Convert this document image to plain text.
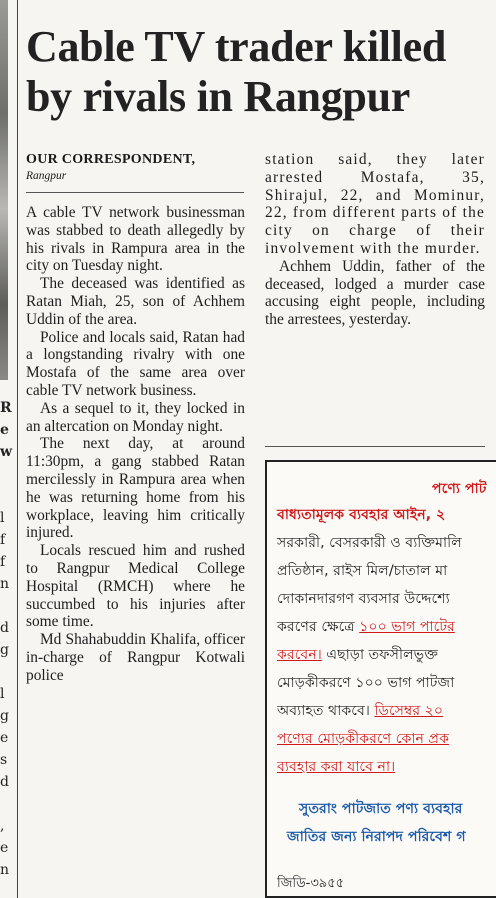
R
e
w
l
f
f
n
d
g
l
g
e
s
d
,
e
n
Cable TV trader killed by rivals in Rangpur
OUR CORRESPONDENT,
Rangpur

A cable TV network businessman was stabbed to death allegedly by his rivals in Rampura area in the city on Tuesday night.

The deceased was identified as Ratan Miah, 25, son of Achhem Uddin of the area.

Police and locals said, Ratan had a longstanding rivalry with one Mostafa of the same area over cable TV network business.

As a sequel to it, they locked in an altercation on Monday night.

The next day, at around 11:30pm, a gang stabbed Ratan mercilessly in Rampura area when he was returning home from his workplace, leaving him critically injured.

Locals rescued him and rushed to Rangpur Medical College Hospital (RMCH) where he succumbed to his injuries after some time.

Md Shahabuddin Khalifa, officer in-charge of Rangpur Kotwali police

station said, they later arrested Mostafa, 35, Shirajul, 22, and Mominur, 22, from different parts of the city on charge of their involvement with the murder.

Achhem Uddin, father of the deceased, lodged a murder case accusing eight people, including the arrestees, yesterday.

পণ্যে পাট
বাধ্যতামূলক ব্যবহার আইন, ২
সরকারী, বেসরকারী ও ব্যক্তিমালি
প্রতিষ্ঠান, রাইস মিল/চাতাল মা
দোকানদারগণ ব্যবসার উদ্দেশ্যে
করণের ক্ষেত্রে ১০০ ভাগ পাটের
করবেন। এছাড়া তফসীলভুক্ত
মোড়কীকরণে ১০০ ভাগ পাটজা
অব্যাহত থাকবে। ডিসেম্বর ২০
পণ্যের মোড়কীকরণে কোন প্রক
ব্যবহার করা যাবে না।
সুতরাং পাটজাত পণ্য ব্যবহার
জাতির জন্য নিরাপদ পরিবেশ গ
জিডি-৩৯৫৫
